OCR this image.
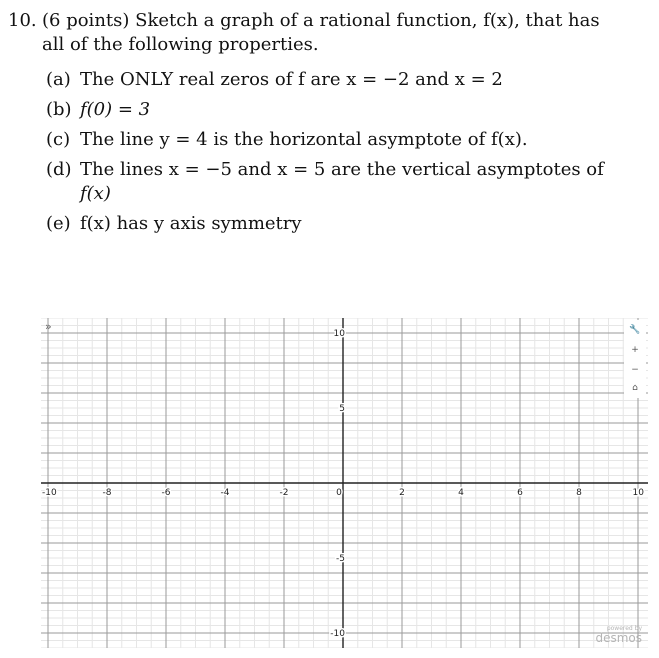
10. (6 points) Sketch a graph of a rational function, f(x), that has
all of the following properties.
(a) The ONLY real zeros of f are x = −2 and x = 2
(b) f(0) = 3
(c) The line y = 4 is the horizontal asymptote of f(x).
(d) The lines x = −5 and x = 5 are the vertical asymptotes of
f(x)
(e) f(x) has y axis symmetry
-10	-8	-6	-4	-2	0	2	4	6	8	10
10
5
-5
-10
»	🔧
+
−
⌂
powered by
desmos
